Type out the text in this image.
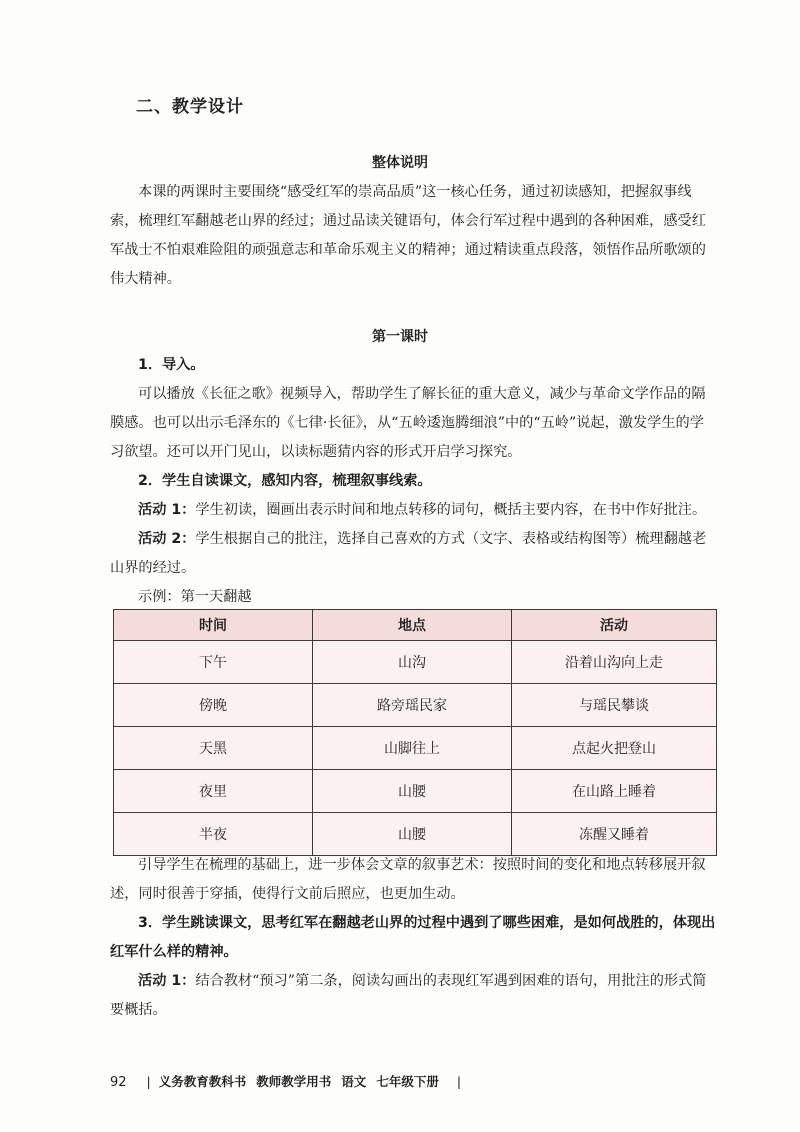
二、教学设计
整体说明

本课的两课时主要围绕“感受红军的崇高品质”这一核心任务，通过初读感知，把握叙事线索，梳理红军翻越老山界的经过；通过品读关键语句，体会行军过程中遇到的各种困难，感受红军战士不怕艰难险阻的顽强意志和革命乐观主义的精神；通过精读重点段落，领悟作品所歌颂的伟大精神。

第一课时

1．导入。

可以播放《长征之歌》视频导入，帮助学生了解长征的重大意义，减少与革命文学作品的隔膜感。也可以出示毛泽东的《七律·长征》，从“五岭逶迤腾细浪”中的“五岭”说起，激发学生的学习欲望。还可以开门见山，以读标题猜内容的形式开启学习探究。

2．学生自读课文，感知内容，梳理叙事线索。

活动 1：学生初读，圈画出表示时间和地点转移的词句，概括主要内容，在书中作好批注。

活动 2：学生根据自己的批注，选择自己喜欢的方式（文字、表格或结构图等）梳理翻越老山界的经过。

示例：第一天翻越

时间	地点	活动
下午	山沟	沿着山沟向上走
傍晚	路旁瑶民家	与瑶民攀谈
天黑	山脚往上	点起火把登山
夜里	山腰	在山路上睡着
半夜	山腰	冻醒又睡着

引导学生在梳理的基础上，进一步体会文章的叙事艺术：按照时间的变化和地点转移展开叙述，同时很善于穿插，使得行文前后照应，也更加生动。

3．学生跳读课文，思考红军在翻越老山界的过程中遇到了哪些困难，是如何战胜的，体现出红军什么样的精神。

活动 1：结合教材“预习”第二条，阅读勾画出的表现红军遇到困难的语句，用批注的形式简要概括。

92 | 义务教育教科书 教师教学用书 语文 七年级下册 |
